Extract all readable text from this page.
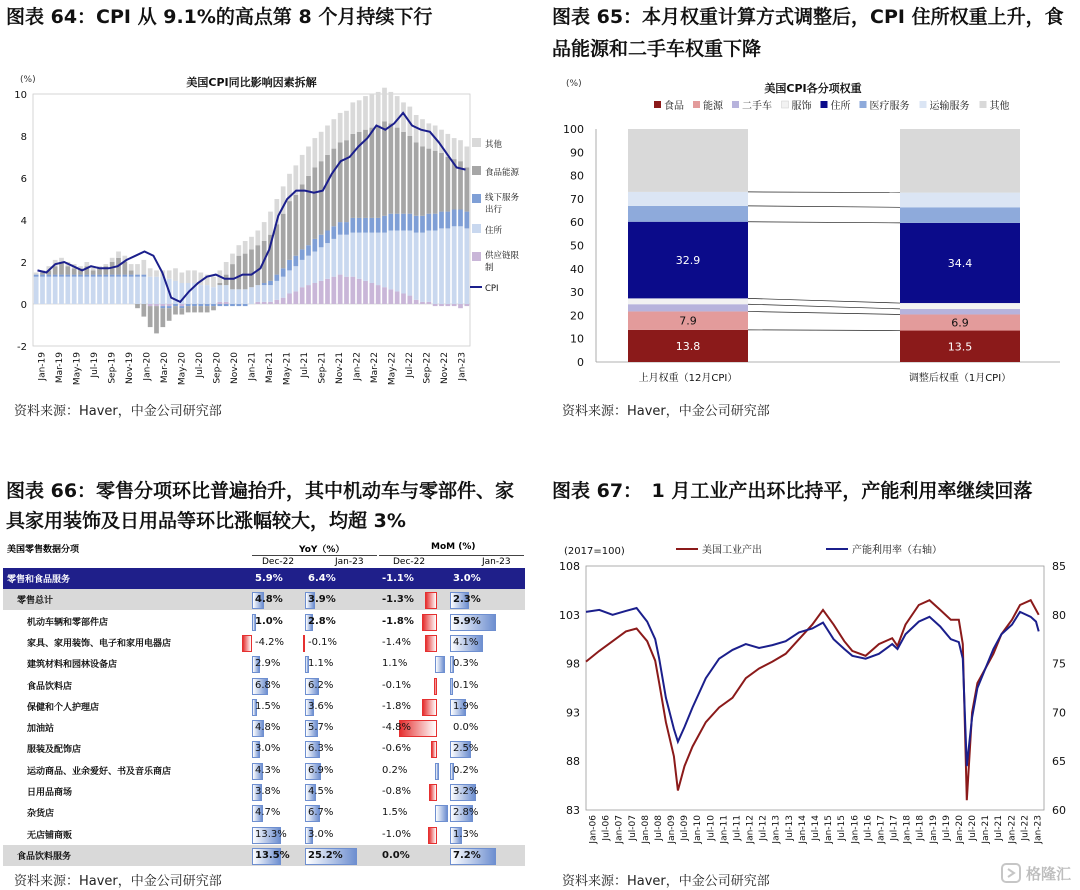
图表 64：CPI 从 9.1%的高点第 8 个月持续下行
(%)	美国CPI同比影响因素拆解
-2
0
2
4
6
8
10
Jan-19 Mar-19 May-19 Jul-19 Sep-19 Nov-19 Jan-20 Mar-20 May-20 Jul-20 Sep-20 Nov-20 Jan-21 Mar-21 May-21 Jul-21 Sep-21 Nov-21 Jan-22 Mar-22 May-22 Jul-22 Sep-22 Nov-22 Jan-23
其他
食品能源
线下服务
出行
住所
供应链限
制
CPI
资料来源：Haver，中金公司研究部
图表 65：本月权重计算方式调整后，CPI 住所权重上升，食
品能源和二手车权重下降
(%)	美国CPI各分项权重
食品 能源 二手车 服饰 住所 医疗服务 运输服务 其他
0
10
20
30
40
50
60
70
80
90
100
13.8
7.9
32.9
上月权重（12月CPI）
13.5
6.9
34.4
调整后权重（1月CPI）
资料来源：Haver，中金公司研究部
图表 66：零售分项环比普遍抬升，其中机动车与零部件、家
具家用装饰及日用品等环比涨幅较大，均超 3%
美国零售数据分项	YoY（%）	MoM (%)
Dec-22	Jan-23	Dec-22	Jan-23
零售和食品服务	5.9%	6.4%	-1.1%	3.0%
零售总计	4.8%	3.9%	-1.3%	2.3%
机动车辆和零部件店	1.0%	2.8%	-1.8%	5.9%
家具、家用装饰、电子和家用电器店	-4.2% -0.1%	-1.4%	4.1%
建筑材料和园林设备店	2.9%	1.1%	1.1%	0.3%
食品饮料店	6.8%	6.2%	-0.1%	0.1%
保健和个人护理店	1.5%	3.6%	-1.8%	1.9%
加油站	4.8%	5.7%	-4.8%	0.0%
服装及配饰店	3.0%	6.3%	-0.6%	2.5%
运动商品、业余爱好、书及音乐商店	4.3%	6.9%	0.2%	0.2%
日用品商场	3.8%	4.5%	-0.8%	3.2%
杂货店	4.7%	6.7%	1.5%	2.8%
无店铺商贩	13.3% 3.0%	-1.0%	1.3%
食品饮料服务	13.5% 25.2%	0.0%	7.2%
资料来源：Haver，中金公司研究部
图表 67：　1 月工业产出环比持平，产能利用率继续回落
(2017=100)	美国工业产出	产能利用率（右轴）
83
88
93
98
103
108
60
65
70
75
80
85
Jan-06 Jul-06 Jan-07 Jul-07 Jan-08 Jul-08 Jan-09 Jul-09 Jan-10 Jul-10 Jan-11 Jul-11 Jan-12 Jul-12 Jan-13 Jul-13 Jan-14 Jul-14 Jan-15 Jul-15 Jan-16 Jul-16 Jan-17 Jul-17 Jan-18 Jul-18 Jan-19 Jul-19 Jan-20 Jul-20 Jan-21 Jul-21 Jan-22 Jul-22 Jan-23
资料来源：Haver，中金公司研究部	格隆汇
